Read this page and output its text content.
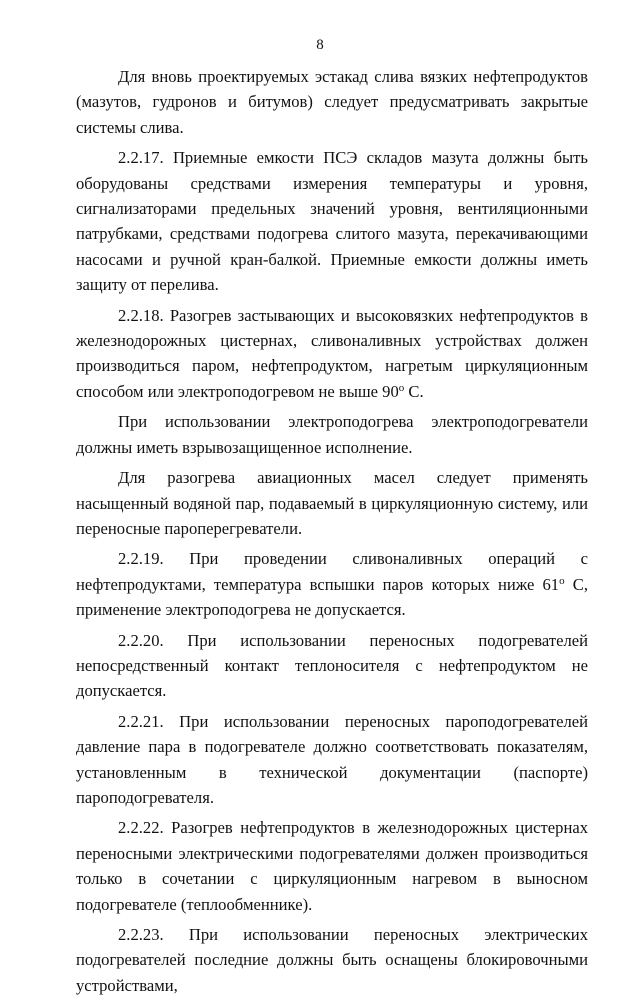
8

Для вновь проектируемых эстакад слива вязких нефтепродуктов (мазутов, гудронов и битумов) следует предусматривать закрытые системы слива.

2.2.17. Приемные емкости ПСЭ складов мазута должны быть оборудованы средствами измерения температуры и уровня, сигнализаторами предельных значений уровня, вентиляционными патрубками, средствами подогрева слитого мазута, перекачивающими насосами и ручной кран-балкой. Приемные емкости должны иметь защиту от перелива.

2.2.18. Разогрев застывающих и высоковязких нефтепродуктов в железнодорожных цистернах, сливоналивных устройствах должен производиться паром, нефтепродуктом, нагретым циркуляционным способом или электроподогревом не выше $90^о$ С.

При использовании электроподогрева электроподогреватели должны иметь взрывозащищенное исполнение.

Для разогрева авиационных масел следует применять насыщенный водяной пар, подаваемый в циркуляционную систему, или переносные пароперегреватели.

2.2.19. При проведении сливоналивных операций с нефтепродуктами, температура вспышки паров которых ниже $61^о$ С, применение электроподогрева не допускается.

2.2.20. При использовании переносных подогревателей непосредственный контакт теплоносителя с нефтепродуктом не допускается.

2.2.21. При использовании переносных пароподогревателей давление пара в подогревателе должно соответствовать показателям, установленным в технической документации (паспорте) пароподогревателя.

2.2.22. Разогрев нефтепродуктов в железнодорожных цистернах переносными электрическими подогревателями должен производиться только в сочетании с циркуляционным нагревом в выносном подогревателе (теплообменнике).

2.2.23. При использовании переносных электрических подогревателей последние должны быть оснащены блокировочными устройствами,
